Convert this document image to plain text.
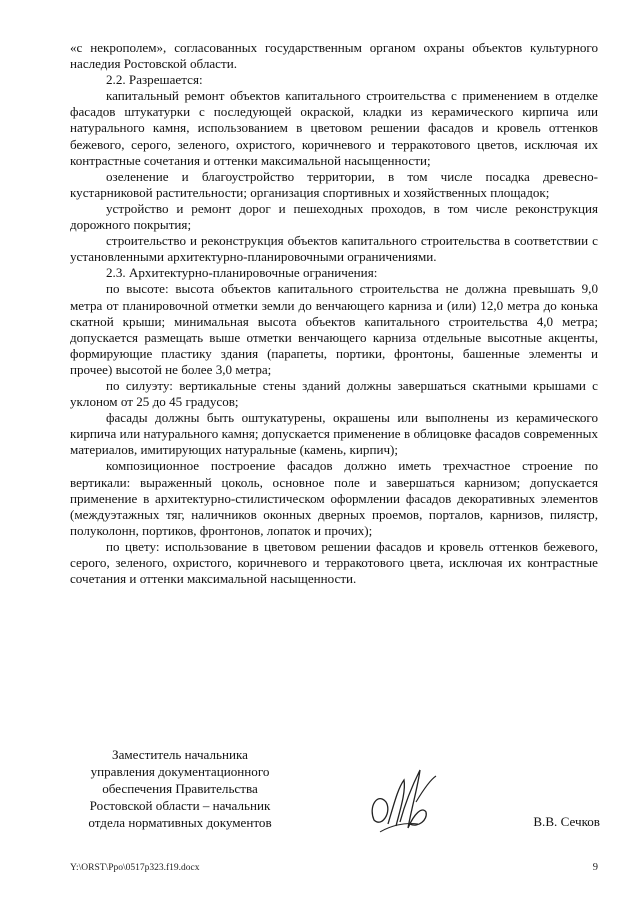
«с некрополем», согласованных государственным органом охраны объектов культурного наследия Ростовской области.

2.2. Разрешается:

капитальный ремонт объектов капитального строительства с применением в отделке фасадов штукатурки с последующей окраской, кладки из керамического кирпича или натурального камня, использованием в цветовом решении фасадов и кровель оттенков бежевого, серого, зеленого, охристого, коричневого и терракотового цветов, исключая их контрастные сочетания и оттенки максимальной насыщенности;

озеленение и благоустройство территории, в том числе посадка древесно-кустарниковой растительности; организация спортивных и хозяйственных площадок;

устройство и ремонт дорог и пешеходных проходов, в том числе реконструкция дорожного покрытия;

строительство и реконструкция объектов капитального строительства в соответствии с установленными архитектурно-планировочными ограничениями.

2.3. Архитектурно-планировочные ограничения:

по высоте: высота объектов капитального строительства не должна превышать 9,0 метра от планировочной отметки земли до венчающего карниза и (или) 12,0 метра до конька скатной крыши; минимальная высота объектов капитального строительства 4,0 метра; допускается размещать выше отметки венчающего карниза отдельные высотные акценты, формирующие пластику здания (парапеты, портики, фронтоны, башенные элементы и прочее) высотой не более 3,0 метра;

по силуэту: вертикальные стены зданий должны завершаться скатными крышами с уклоном от 25 до 45 градусов;

фасады должны быть оштукатурены, окрашены или выполнены из керамического кирпича или натурального камня; допускается применение в облицовке фасадов современных материалов, имитирующих натуральные (камень, кирпич);

композиционное построение фасадов должно иметь трехчастное строение по вертикали: выраженный цоколь, основное поле и завершаться карнизом; допускается применение в архитектурно-стилистическом оформлении фасадов декоративных элементов (междуэтажных тяг, наличников оконных дверных проемов, порталов, карнизов, пилястр, полуколонн, портиков, фронтонов, лопаток и прочих);

по цвету: использование в цветовом решении фасадов и кровель оттенков бежевого, серого, зеленого, охристого, коричневого и терракотового цвета, исключая их контрастные сочетания и оттенки максимальной насыщенности.

Заместитель начальника
управления документационного
обеспечения Правительства
Ростовской области – начальник
отдела нормативных документов	В.В. Сечков
Y:\ORST\Ppo\0517p323.f19.docx	9
